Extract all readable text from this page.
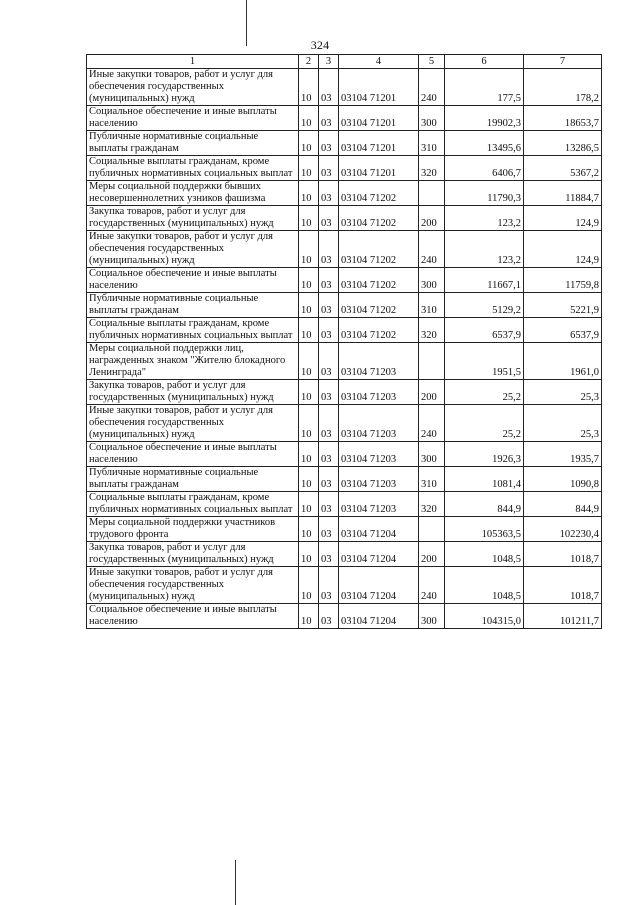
324
1	2	3	4	5	6	7
Иные закупки товаров, работ и услуг для обеспечения государственных (муниципальных) нужд	10	03	03104 71201	240	177,5	178,2
Социальное обеспечение и иные выплаты населению	10	03	03104 71201	300	19902,3	18653,7
Публичные нормативные социальные выплаты гражданам	10	03	03104 71201	310	13495,6	13286,5
Социальные выплаты гражданам, кроме публичных нормативных социальных выплат	10	03	03104 71201	320	6406,7	5367,2
Меры социальной поддержки бывших несовершеннолетних узников фашизма	10	03	03104 71202		11790,3	11884,7
Закупка товаров, работ и услуг для государственных (муниципальных) нужд	10	03	03104 71202	200	123,2	124,9
Иные закупки товаров, работ и услуг для обеспечения государственных (муниципальных) нужд	10	03	03104 71202	240	123,2	124,9
Социальное обеспечение и иные выплаты населению	10	03	03104 71202	300	11667,1	11759,8
Публичные нормативные социальные выплаты гражданам	10	03	03104 71202	310	5129,2	5221,9
Социальные выплаты гражданам, кроме публичных нормативных социальных выплат	10	03	03104 71202	320	6537,9	6537,9
Меры социальной поддержки лиц, награжденных знаком "Жителю блокадного Ленинграда"	10	03	03104 71203		1951,5	1961,0
Закупка товаров, работ и услуг для государственных (муниципальных) нужд	10	03	03104 71203	200	25,2	25,3
Иные закупки товаров, работ и услуг для обеспечения государственных (муниципальных) нужд	10	03	03104 71203	240	25,2	25,3
Социальное обеспечение и иные выплаты населению	10	03	03104 71203	300	1926,3	1935,7
Публичные нормативные социальные выплаты гражданам	10	03	03104 71203	310	1081,4	1090,8
Социальные выплаты гражданам, кроме публичных нормативных социальных выплат	10	03	03104 71203	320	844,9	844,9
Меры социальной поддержки участников трудового фронта	10	03	03104 71204		105363,5	102230,4
Закупка товаров, работ и услуг для государственных (муниципальных) нужд	10	03	03104 71204	200	1048,5	1018,7
Иные закупки товаров, работ и услуг для обеспечения государственных (муниципальных) нужд	10	03	03104 71204	240	1048,5	1018,7
Социальное обеспечение и иные выплаты населению	10	03	03104 71204	300	104315,0	101211,7
